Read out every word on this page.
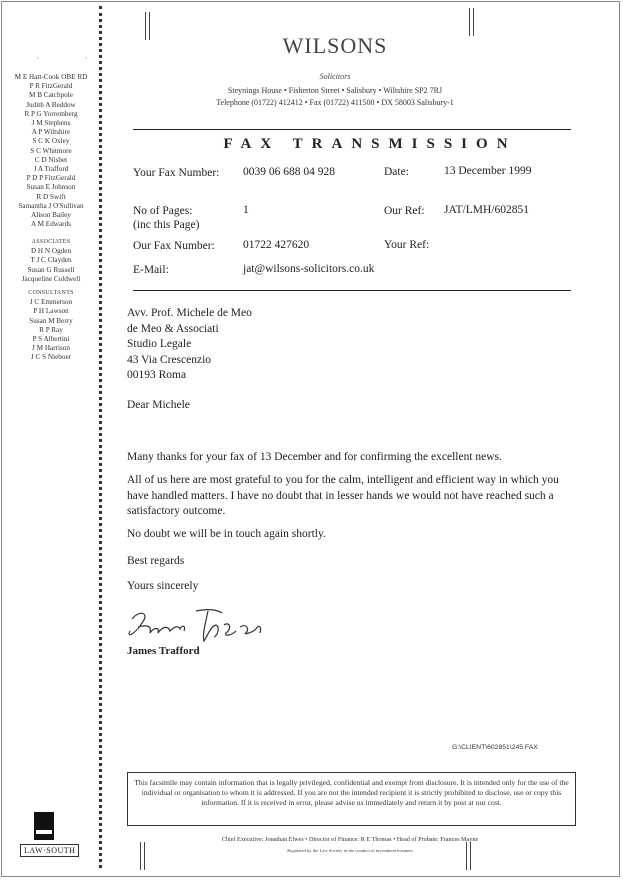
· ·
M E Hatt-Cook OBE RD
P R FitzGerald
M B Catchpole
Judith A Beddow
R P G Yorremberg
J M Stephens
A P Wiltshire
S C K Oxley
S C Whitmore
C D Nisbet
J A Trafford
P D P FitzGerald
Susan E Johnson
R D Swift
Samantha J O'Sullivan
Alison Bailey
A M Edwards
ASSOCIATES
D H N Ogden
T J C Clayden
Susan G Russell
Jacqueline Coldwell
CONSULTANTS
J C Emmerson
P H Lawson
Susan M Berry
R P Ray
P S Albertini
J M Harrison
J C S Nieboer
LAW·SOUTH
WILSONS
Solicitors
Steynings House • Fisherton Street • Salisbury • Wiltshire SP2 7RJ
Telephone (01722) 412412 • Fax (01722) 411500 • DX 58003 Salisbury-1
FAX TRANSMISSION
Your Fax Number: 0039 06 688 04 928	Date:	13 December 1999
No of Pages:
(inc this Page)
1	Our Ref: JAT/LMH/602851
Our Fax Number: 01722 427620	Your Ref:
E-Mail:	jat@wilsons-solicitors.co.uk
Avv. Prof. Michele de Meo
de Meo & Associati
Studio Legale
43 Via Crescenzio
00193 Roma
Dear Michele
Many thanks for your fax of 13 December and for confirming the excellent news.
All of us here are most grateful to you for the calm, intelligent and efficient way in which you have handled matters. I have no doubt that in lesser hands we would not have reached such a satisfactory outcome.
No doubt we will be in touch again shortly.
Best regards
Yours sincerely
James Trafford
G:\CLIENT\602851\245.FAX
This facsimile may contain information that is legally privileged, confidential and exempt from disclosure. It is intended only for the use of the individual or organisation to whom it is addressed. If you are not the intended recipient it is strictly prohibited to disclose, use or copy this information. If it is received in error, please advise us immediately and return it by post at our cost.
Chief Executive: Jonathan Elwes • Director of Finance: R E Thomas • Head of Probate: Frances Mayne
Regulated by the Law Society in the conduct of investment business
